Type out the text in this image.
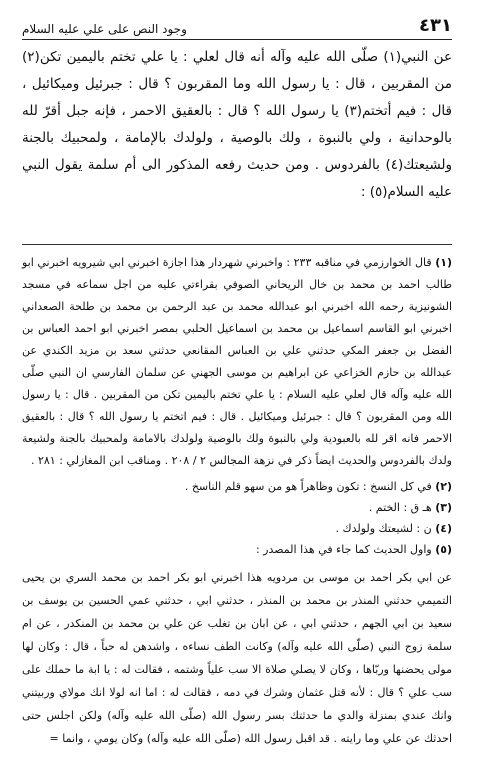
٤٣١
وجود النص على علي عليه السلام

عن النبي(١) صلّى الله عليه وآله أنه قال لعلي : يا علي تختم باليمين تكن(٢) من المقربين ، قال : يا رسول الله وما المقربون ؟ قال : جبرئيل وميكائيل ، قال : فيم أتختم(٣) يا رسول الله ؟ قال : بالعقيق الاحمر ، فإنه جبل أقرّ لله بالوحدانية ، ولي بالنبوة ، ولك بالوصية ، ولولدك بالإمامة ، ولمحبيك بالجنة ولشيعتك(٤) بالفردوس . ومن حديث رفعه المذكور الى أم سلمة يقول النبي عليه السلام(٥) :

(١) قال الخوارزمي في مناقبه ٢٣٣ : واخبرني شهردار هذا اجازة اخبرني ابي شيرويه اخبرني ابو طالب احمد بن محمد بن خال الريحاني الصوفي بقراءتي عليه من اجل سماعه في مسجد الشونيزية رحمه الله اخبرني ابو عبدالله محمد بن عبد الرحمن بن محمد بن طلحة الصعداني اخبرني ابو القاسم اسماعيل بن محمد بن اسماعيل الحلبي بمصر اخبرني ابو احمد العباس بن الفضل بن جعفر المكي حدثني علي بن العباس المقانعي حدثني سعد بن مزيد الكندي عن عبدالله بن حازم الخزاعي عن ابراهيم بن موسى الجهني عن سلمان الفارسي ان النبي صلّى الله عليه وآله قال لعلي عليه السلام : يا علي تختم باليمين تكن من المقربين . قال : يا رسول الله ومن المقربون ؟ قال : جبرئيل وميكائيل . قال : فيم اتختم يا رسول الله ؟ قال : بالعقيق الاحمر فانه اقر لله بالعبودية ولي بالنبوة ولك بالوصية ولولدك بالامامة ولمحبيك بالجنة ولشيعة ولدك بالفردوس والحديث ايضاً ذكر في نزهة المجالس ٢ / ٢٠٨ . ومناقب ابن المغازلي : ٢٨١ .

(٢) في كل النسخ : تكون وظاهراً هو من سهو قلم الناسخ .

(٣) هـ ق : الختم .

(٤) ن : لشيعتك ولولدك .

(٥) واول الحديث كما جاء في هذا المصدر :

عن ابي بكر احمد بن موسى بن مردويه هذا اخبرني ابو بكر احمد بن محمد السري بن يحيى التميمي حدثني المنذر بن محمد بن المنذر ، حدثني ابي ، حدثني عمي الحسين بن يوسف بن سعيد بن ابي الجهم ، حدثني ابي ، عن ابان بن تغلب عن علي بن محمد بن المنكدر ، عن ام سلمة زوج النبي (صلّى الله عليه وآله) وكانت الطف نساءه ، واشدهن له حباً ، قال : وكان لها مولى يحضنها وربّاها ، وكان لا يصلي صلاة الا سب علياً وشتمه ، فقالت له : يا ابة ما حملك على سب علي ؟ قال : لأنه قتل عثمان وشرك في دمه ، فقالت له : اما انه لولا انك مولاي وربيتني وانك عندي بمنزلة والدي ما حدثتك بسر رسول الله (صلّى الله عليه وآله) ولكن اجلس حتى احدثك عن علي وما رايته . قد اقبل رسول الله (صلّى الله عليه وآله) وكان يومي ، وانما =
